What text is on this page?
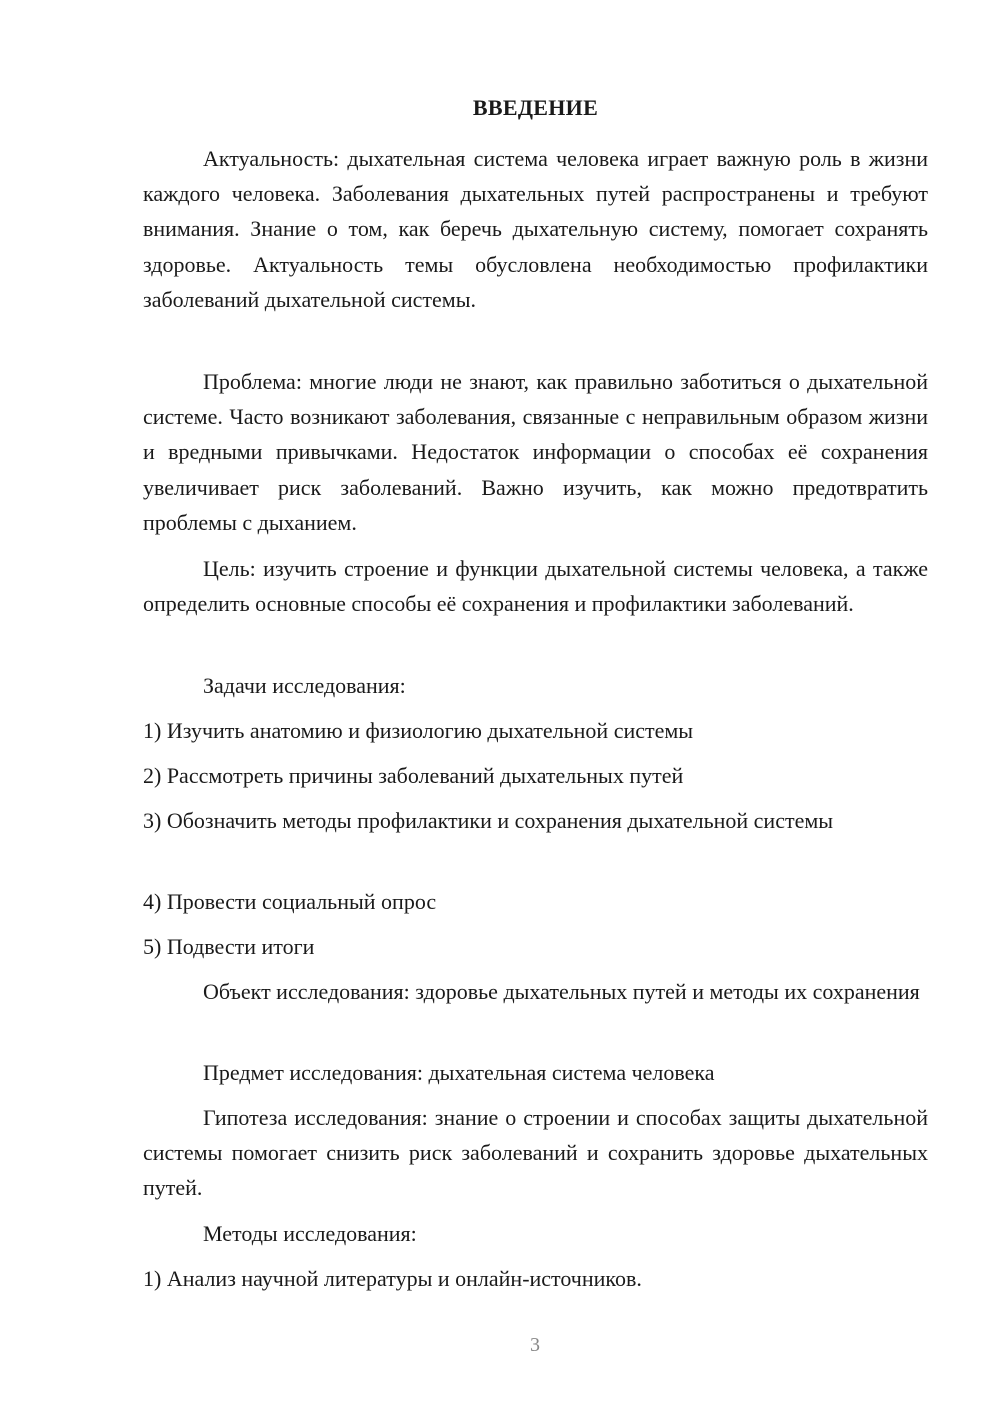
ВВЕДЕНИЕ

Актуальность: дыхательная система человека играет важную роль в жизни каждого человека. Заболевания дыхательных путей распространены и требуют внимания. Знание о том, как беречь дыхательную систему, помогает сохранять здоровье. Актуальность темы обусловлена необходимостью профилактики заболеваний дыхательной системы.

Проблема: многие люди не знают, как правильно заботиться о дыхательной системе. Часто возникают заболевания, связанные с неправильным образом жизни и вредными привычками. Недостаток информации о способах её сохранения увеличивает риск заболеваний. Важно изучить, как можно предотвратить проблемы с дыханием.

Цель: изучить строение и функции дыхательной системы человека, а также определить основные способы её сохранения и профилактики заболеваний.

Задачи исследования:

1) Изучить анатомию и физиологию дыхательной системы

2) Рассмотреть причины заболеваний дыхательных путей

3) Обозначить методы профилактики и сохранения дыхательной системы

4) Провести социальный опрос

5) Подвести итоги

Объект исследования: здоровье дыхательных путей и методы их сохранения

Предмет исследования: дыхательная система человека

Гипотеза исследования: знание о строении и способах защиты дыхательной системы помогает снизить риск заболеваний и сохранить здоровье дыхательных путей.

Методы исследования:

1) Анализ научной литературы и онлайн-источников.

3
